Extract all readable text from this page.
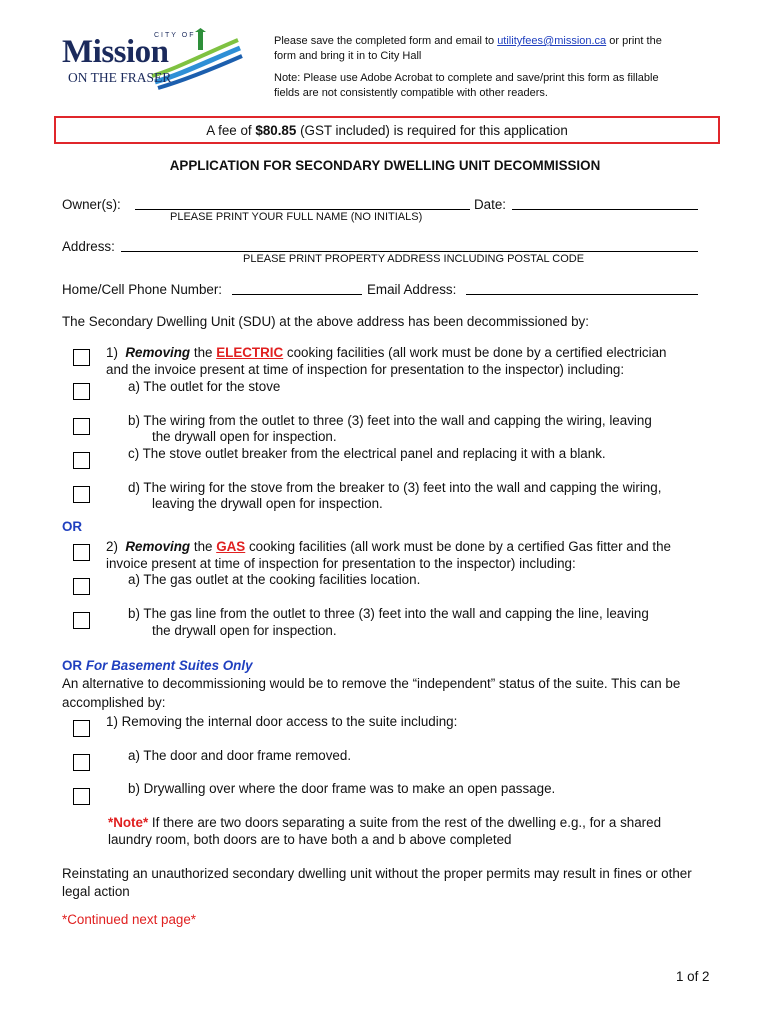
CITY OF
Mission
ON THE FRASER
Please save the completed form and email to utilityfees@mission.ca or print the
form and bring it in to City Hall
Note: Please use Adobe Acrobat to complete and save/print this form as fillable
fields are not consistently compatible with other readers.
A fee of $80.85 (GST included) is required for this application
APPLICATION FOR SECONDARY DWELLING UNIT DECOMMISSION
Owner(s):
PLEASE PRINT YOUR FULL NAME (NO INITIALS)
Date:
Address:
PLEASE PRINT PROPERTY ADDRESS INCLUDING POSTAL CODE
Home/Cell Phone Number:	Email Address:
The Secondary Dwelling Unit (SDU) at the above address has been decommissioned by:
1) Removing the ELECTRIC cooking facilities (all work must be done by a certified electrician
and the invoice present at time of inspection for presentation to the inspector) including:
a) The outlet for the stove
b) The wiring from the outlet to three (3) feet into the wall and capping the wiring, leaving
the drywall open for inspection.
c) The stove outlet breaker from the electrical panel and replacing it with a blank.
d) The wiring for the stove from the breaker to (3) feet into the wall and capping the wiring,
leaving the drywall open for inspection.
OR
2) Removing the GAS cooking facilities (all work must be done by a certified Gas fitter and the
invoice present at time of inspection for presentation to the inspector) including:
a) The gas outlet at the cooking facilities location.
b) The gas line from the outlet to three (3) feet into the wall and capping the line, leaving
the drywall open for inspection.
OR For Basement Suites Only
An alternative to decommissioning would be to remove the “independent” status of the suite. This can be
accomplished by:
1) Removing the internal door access to the suite including:
a) The door and door frame removed.
b) Drywalling over where the door frame was to make an open passage.
*Note* If there are two doors separating a suite from the rest of the dwelling e.g., for a shared
laundry room, both doors are to have both a and b above completed
Reinstating an unauthorized secondary dwelling unit without the proper permits may result in fines or other
legal action
*Continued next page*
1 of 2
